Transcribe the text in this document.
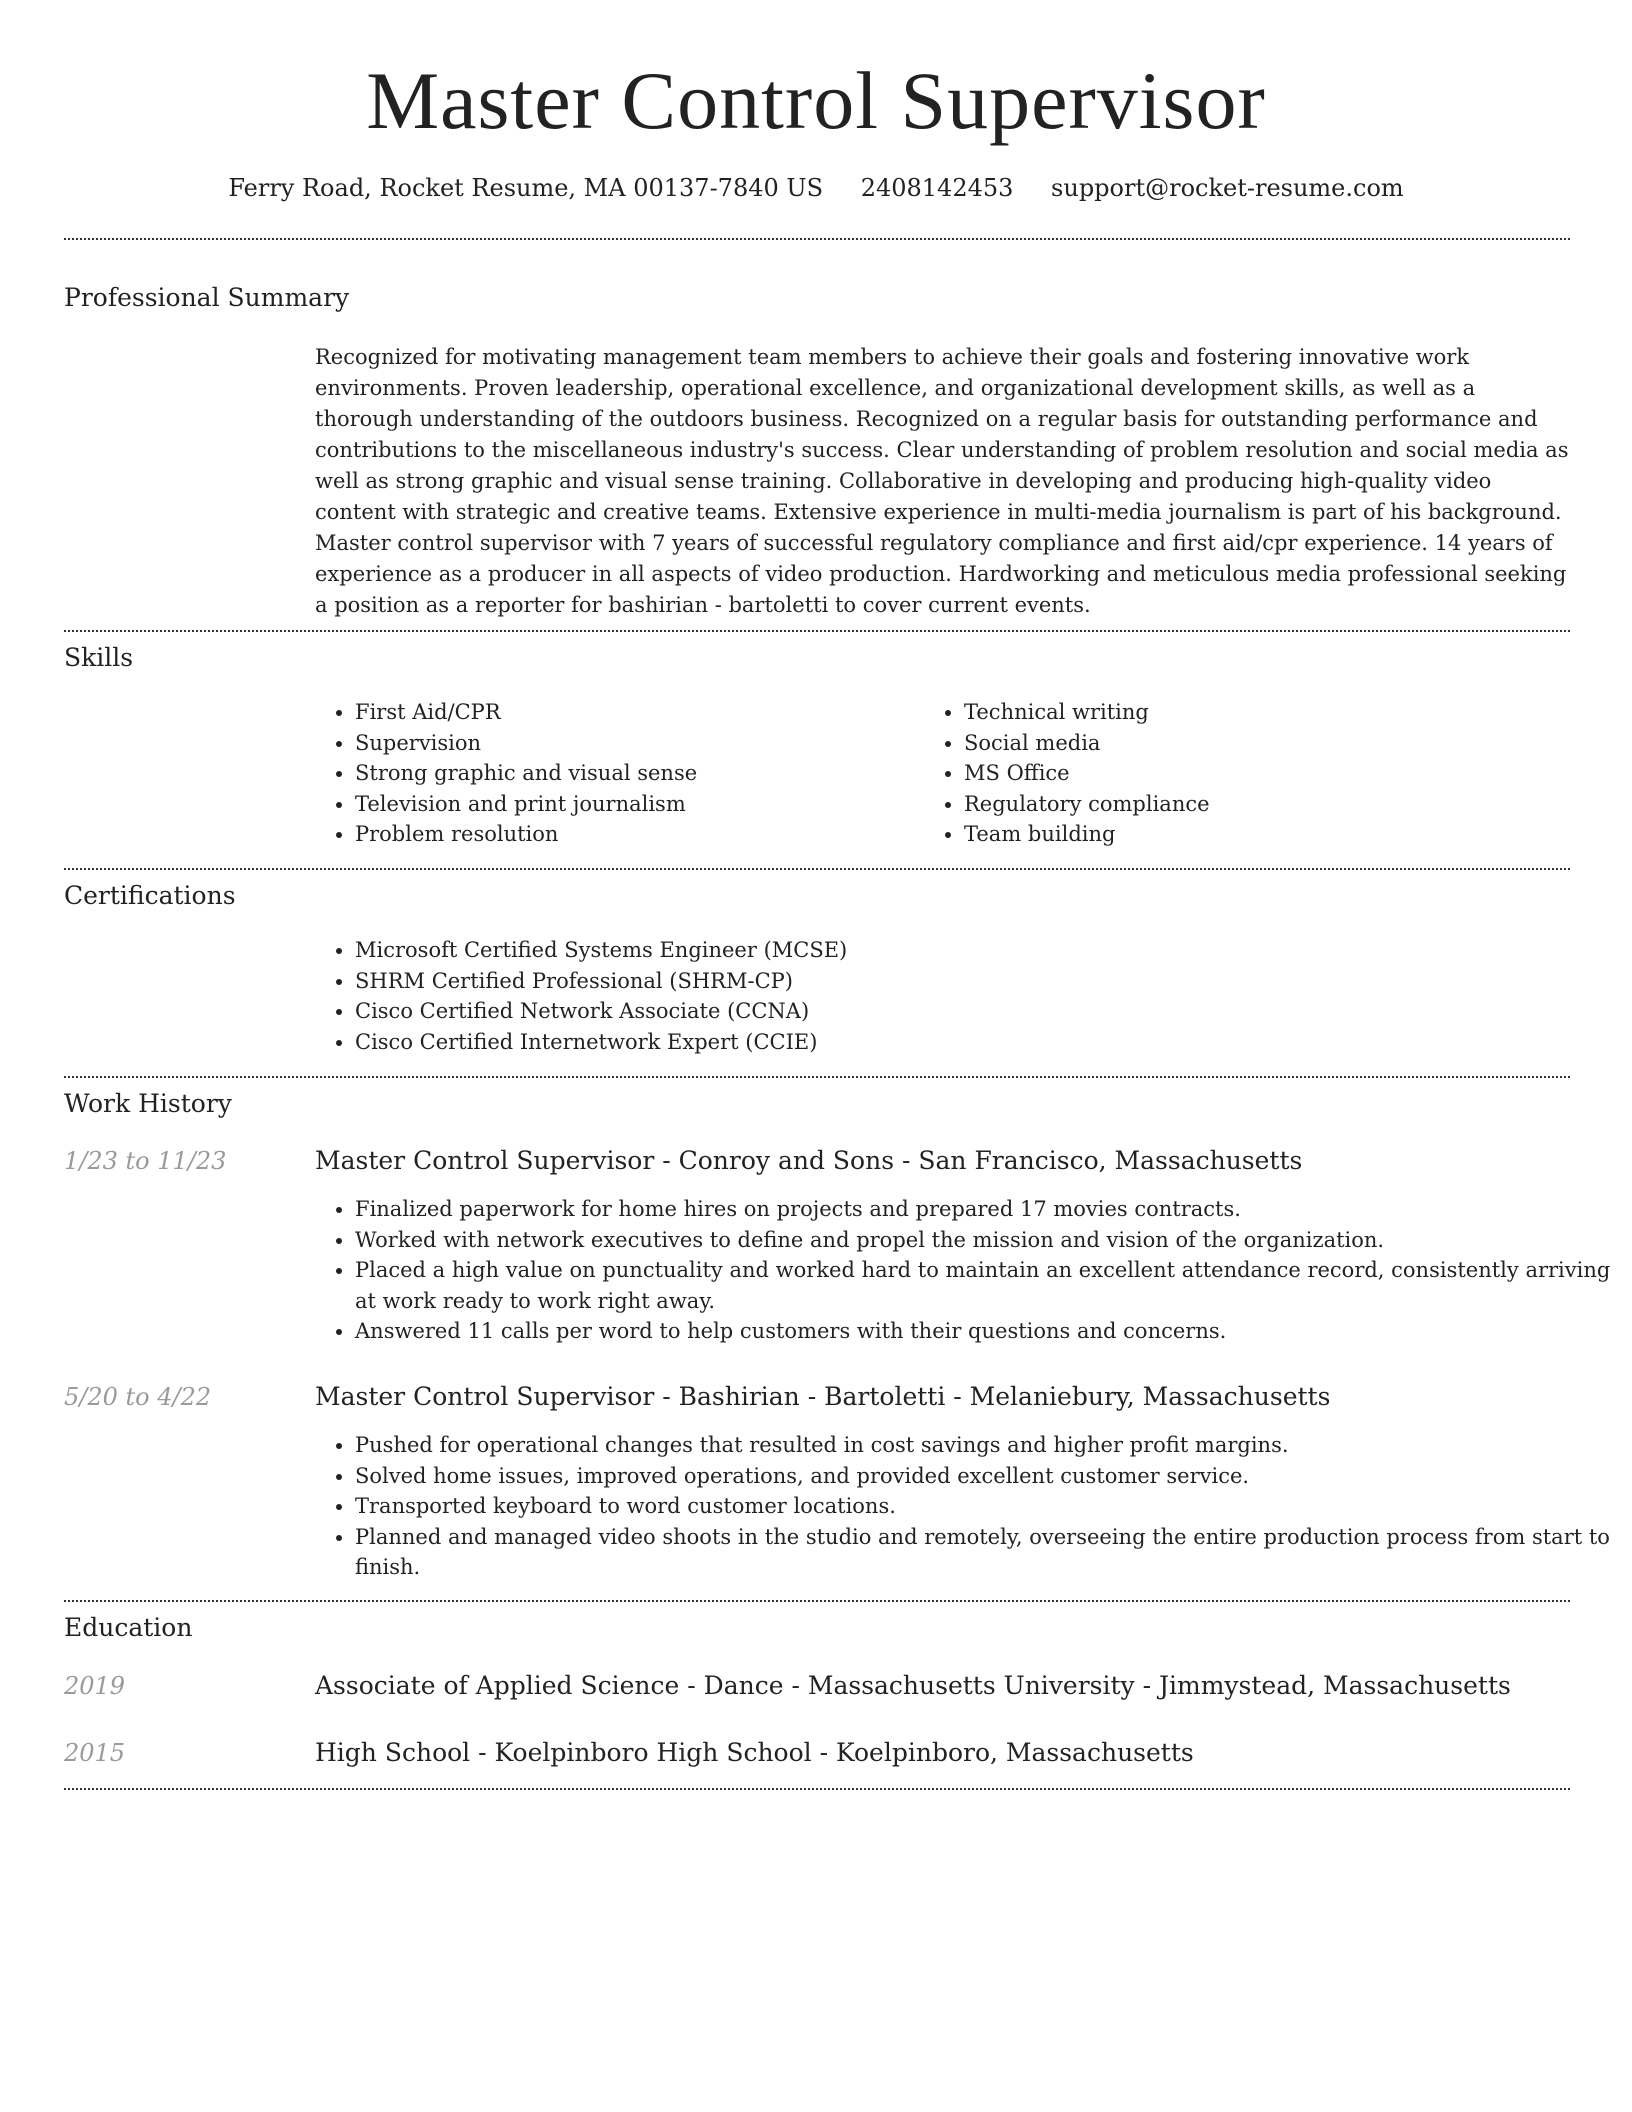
Master Control Supervisor
Ferry Road, Rocket Resume, MA 00137-7840 US 2408142453 support@rocket-resume.com
Professional Summary

Recognized for motivating management team members to achieve their goals and fostering innovative work environments. Proven leadership, operational excellence, and organizational development skills, as well as a thorough understanding of the outdoors business. Recognized on a regular basis for outstanding performance and contributions to the miscellaneous industry's success. Clear understanding of problem resolution and social media as well as strong graphic and visual sense training. Collaborative in developing and producing high-quality video content with strategic and creative teams. Extensive experience in multi-media journalism is part of his background. Master control supervisor with 7 years of successful regulatory compliance and first aid/cpr experience. 14 years of experience as a producer in all aspects of video production. Hardworking and meticulous media professional seeking a position as a reporter for bashirian - bartoletti to cover current events.

Skills
• First Aid/CPR
• Supervision
• Strong graphic and visual sense
• Television and print journalism
• Problem resolution
• Technical writing
• Social media
• MS Office
• Regulatory compliance
• Team building
Certifications
• Microsoft Certified Systems Engineer (MCSE)
• SHRM Certified Professional (SHRM-CP)
• Cisco Certified Network Associate (CCNA)
• Cisco Certified Internetwork Expert (CCIE)
Work History
1/23 to 11/23	Master Control Supervisor - Conroy and Sons - San Francisco, Massachusetts
• Finalized paperwork for home hires on projects and prepared 17 movies contracts.
• Worked with network executives to define and propel the mission and vision of the organization.
• Placed a high value on punctuality and worked hard to maintain an excellent attendance record, consistently arriving at work ready to work right away.
• Answered 11 calls per word to help customers with their questions and concerns.
5/20 to 4/22	Master Control Supervisor - Bashirian - Bartoletti - Melaniebury, Massachusetts
• Pushed for operational changes that resulted in cost savings and higher profit margins.
• Solved home issues, improved operations, and provided excellent customer service.
• Transported keyboard to word customer locations.
• Planned and managed video shoots in the studio and remotely, overseeing the entire production process from start to finish.
Education
2019	Associate of Applied Science - Dance - Massachusetts University - Jimmystead, Massachusetts
2015	High School - Koelpinboro High School - Koelpinboro, Massachusetts
